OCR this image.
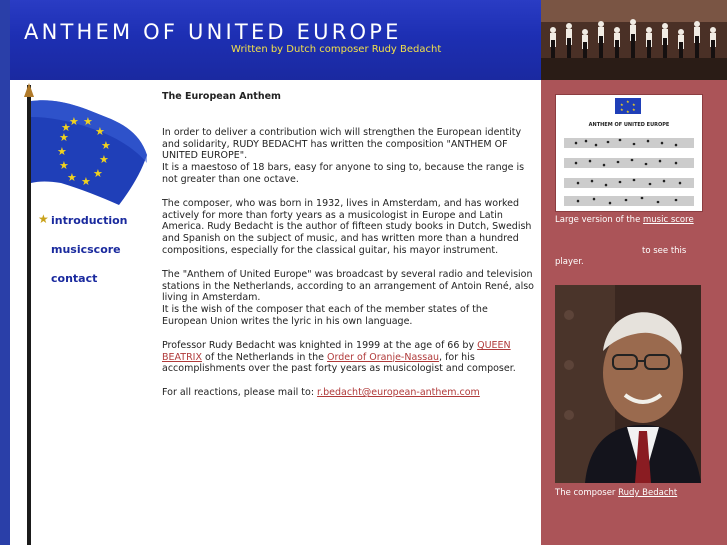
ANTHEM OF UNITED EUROPE
Written by Dutch composer Rudy Bedacht
★ ★
★
★
★
★
★
★
★
★
★
★
★ introduction
musicscore
contact
The European Anthem

In order to deliver a contribution wich will strengthen the European identity and solidarity, RUDY BEDACHT has written the composition "ANTHEM OF UNITED EUROPE".

It is a maestoso of 18 bars, easy for anyone to sing to, because the range is not greater than one octave.

The composer, who was born in 1932, lives in Amsterdam, and has worked actively for more than forty years as a musicologist in Europe and Latin America. Rudy Bedacht is the author of fifteen study books in Dutch, Swedish and Spanish on the subject of music, and has written more than a hundred compositions, especially for the classical guitar, his mayor instrument.

The "Anthem of United Europe" was broadcast by several radio and television stations in the Netherlands, according to an arrangement of Antoin René, also living in Amsterdam.

It is the wish of the composer that each of the member states of the European Union writes the lyric in his own language.

Professor Rudy Bedacht was knighted in 1999 at the age of 66 by QUEEN BEATRIX of the Netherlands in the Order of Oranje-Nassau, for his accomplishments over the past forty years as musicologist and composer.

For all reactions, please mail to: r.bedacht@european-anthem.com

★
★
★
★
★
★
ANTHEM OF UNITED EUROPE
Large version of the music score
to see this
player.
The composer Rudy Bedacht
